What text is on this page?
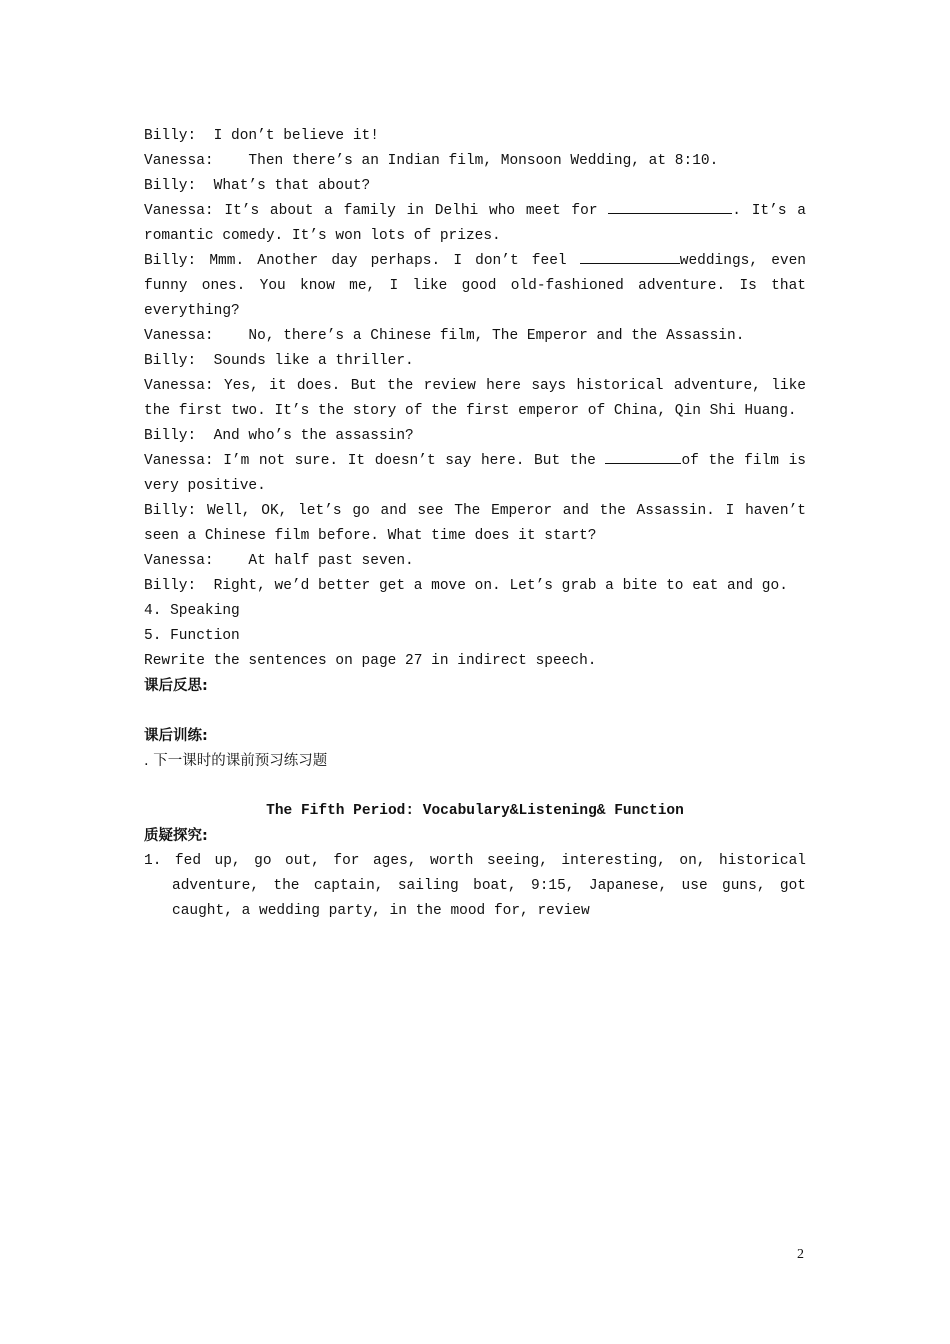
Billy:  I don’t believe it!
Vanessa:    Then there’s an Indian film, Monsoon Wedding, at 8:10.
Billy:  What’s that about?
Vanessa: It’s about a family in Delhi who meet for	. It’s a romantic comedy. It’s won lots of prizes.
Billy: Mmm. Another day perhaps. I don’t feel	weddings, even funny ones. You know me, I like good old-fashioned adventure. Is that everything?
Vanessa:    No, there’s a Chinese film, The Emperor and the Assassin.
Billy:  Sounds like a thriller.
Vanessa: Yes, it does. But the review here says historical adventure, like the first two. It’s the story of the first emperor of China, Qin Shi Huang.
Billy:  And who’s the assassin?
Vanessa: I’m not sure. It doesn’t say here. But the	of the film is very positive.
Billy: Well, OK, let’s go and see The Emperor and the Assassin. I haven’t seen a Chinese film before. What time does it start?
Vanessa:    At half past seven.
Billy:  Right, we’d better get a move on. Let’s grab a bite to eat and go.
4. Speaking
5. Function
Rewrite the sentences on page 27 in indirect speech.
课后反思:
课后训练:
. 下一课时的课前预习练习题
The Fifth Period: Vocabulary&Listening& Function
质疑探究:
1. fed up, go out, for ages, worth seeing, interesting, on, historical adventure, the captain, sailing boat, 9:15, Japanese, use guns, got caught, a wedding party, in the mood for, review
2
